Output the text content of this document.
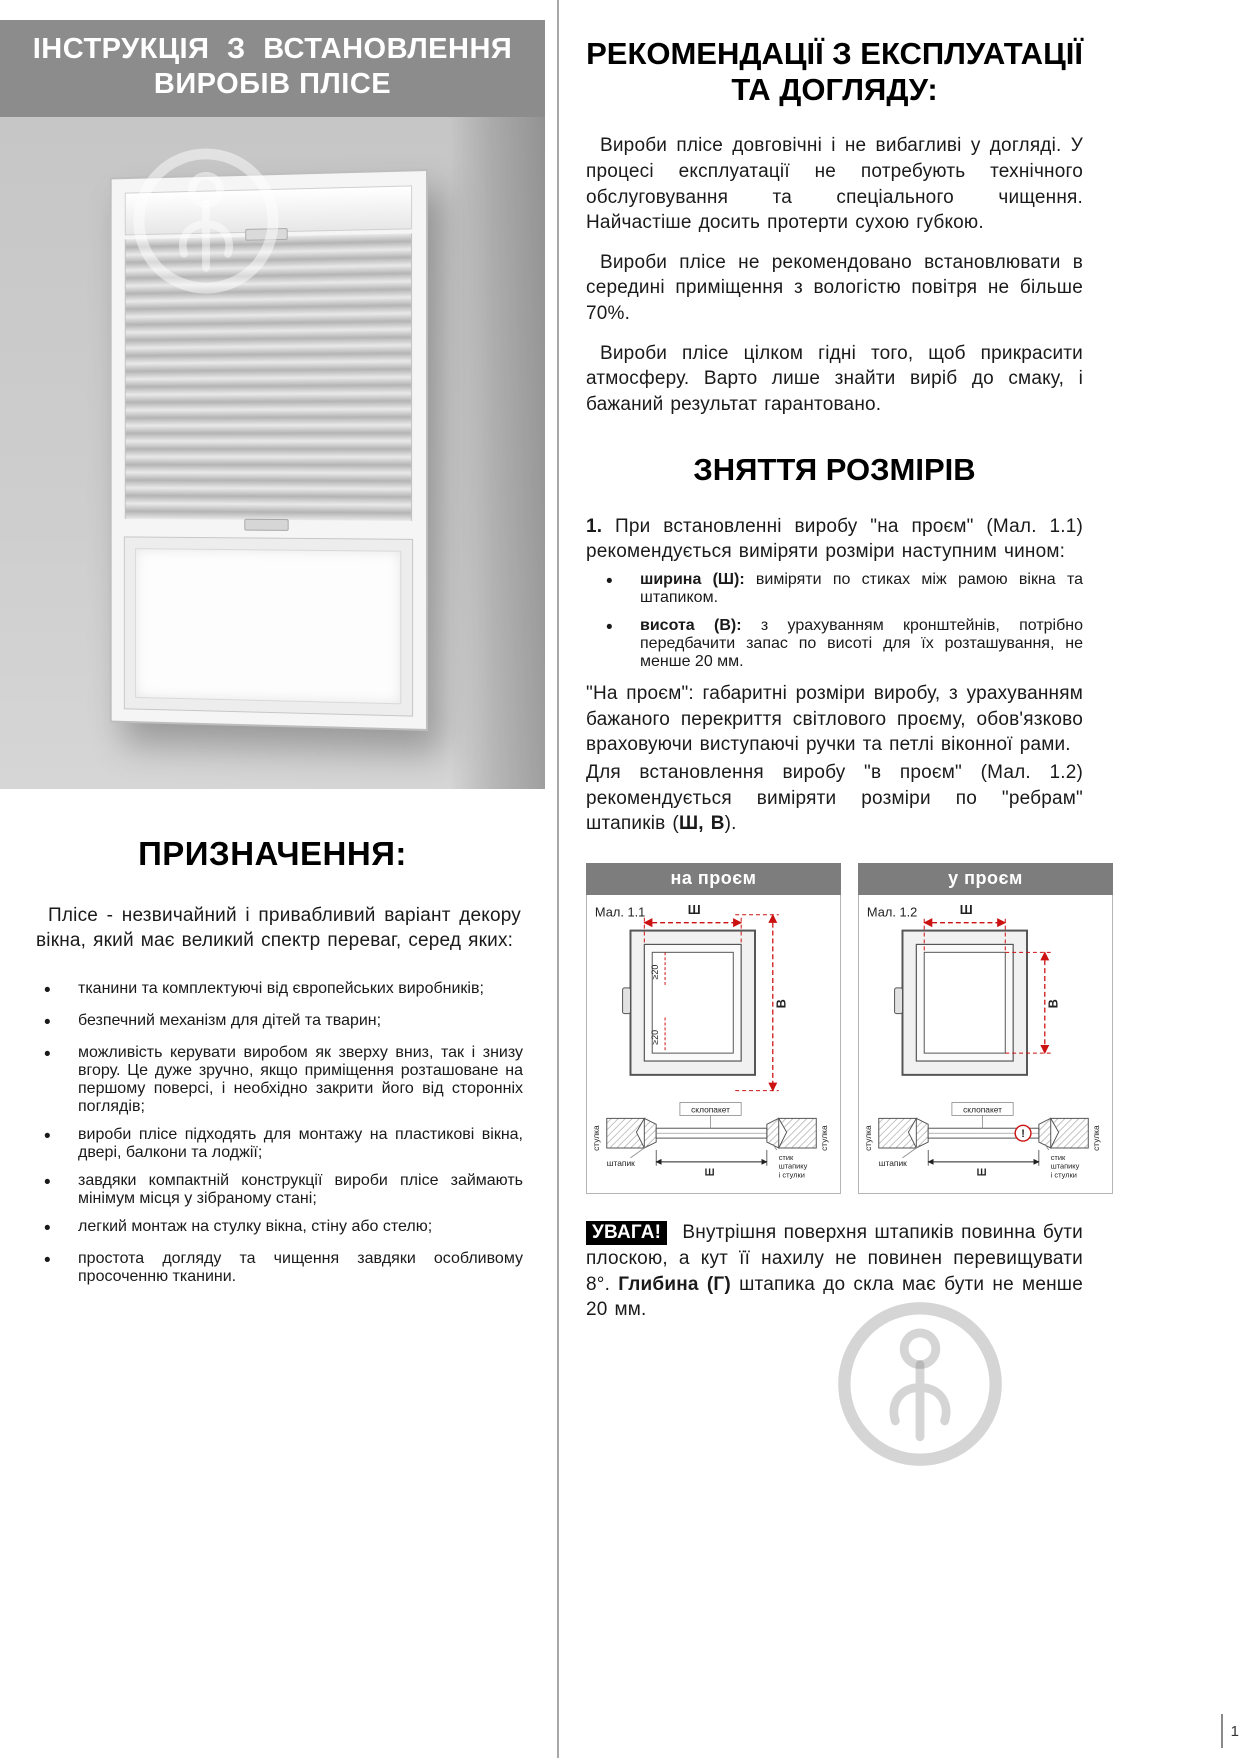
ІНСТРУКЦІЯ З ВСТАНОВЛЕННЯ
ВИРОБІВ ПЛІСЕ
ПРИЗНАЧЕННЯ:

Плісе - незвичайний і привабливий варіант декору вікна, який має великий спектр переваг, серед яких:

•	тканини та комплектуючі від європейських виробників;
•	безпечний механізм для дітей та тварин;
•	можливість керувати виробом як зверху вниз, так і знизу вгору. Це дуже зручно, якщо приміщення розташоване на першому поверсі, і необхідно закрити його від сторонніх поглядів;
•	вироби плісе підходять для монтажу на пластикові вікна, двері, балкони та лоджії;
•	завдяки компактній конструкції вироби плісе займають мінімум місця у зібраному стані;
•	легкий монтаж на стулку вікна, стіну або стелю;
•	простота догляду та чищення завдяки особливому просоченню тканини.
РЕКОМЕНДАЦІЇ З ЕКСПЛУАТАЦІЇ
ТА ДОГЛЯДУ:

Вироби плісе довговічні і не вибагливі у догляді. У процесі експлуатації не потребують технічного обслуговування та спеціального чищення. Найчастіше досить протерти сухою губкою.

Вироби плісе не рекомендовано встановлювати в середині приміщення з вологістю повітря не більше 70%.

Вироби плісе цілком гідні того, щоб прикрасити атмосферу. Варто лише знайти виріб до смаку, і бажаний результат гарантовано.

ЗНЯТТЯ РОЗМІРІВ

1. При встановленні виробу "на проєм" (Мал. 1.1) рекомендується виміряти розміри наступним чином:

•	ширина (Ш): виміряти по стиках між рамою вікна та штапиком.
•	висота (В): з урахуванням кронштейнів, потрібно передбачити запас по висоті для їх розташування, не менше 20 мм.

"На проєм": габаритні розміри виробу, з урахуванням бажаного перекриття світлового проєму, обов'язково враховуючи виступаючі ручки та петлі віконної рами.

Для встановлення виробу "в проєм" (Мал. 1.2) рекомендується виміряти розміри по "ребрам" штапиків (Ш, В).

на проєм
Мал. 1.1	Ш
В
≥20
≥20
стулка	стулка
склопакет
штапик
Ш
стик
штапику
і стулки
у проєм
Мал. 1.2	Ш
В
стулка	стулка
склопакет
!
штапик
Ш
стик
штапику
і стулки

УВАГА! Внутрішня поверхня штапиків повинна бути плоскою, а кут її нахилу не повинен перевищувати 8°. Глибина (Г) штапика до скла має бути не менше 20 мм.

1
